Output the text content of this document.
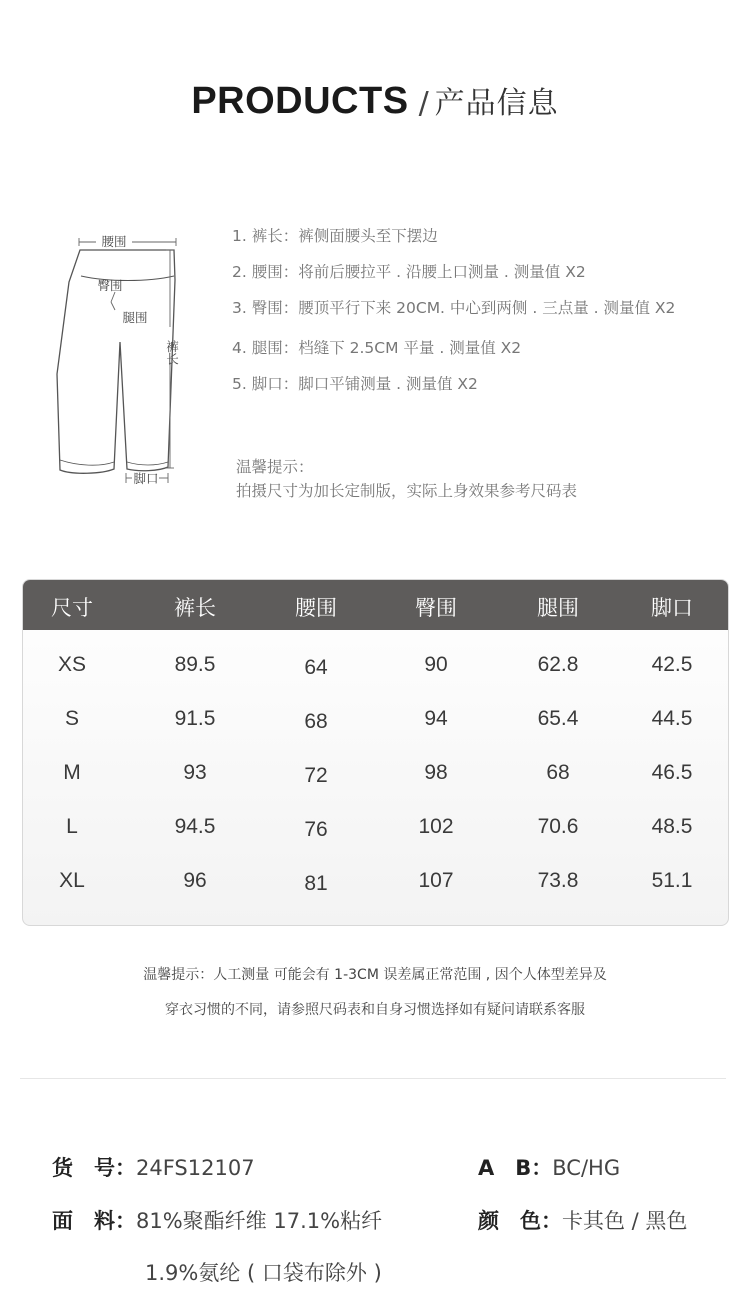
PRODUCTS / 产品信息
腰围
臀围
腿围
裤长
脚口
1. 裤长：裤侧面腰头至下摆边
2. 腰围：将前后腰拉平 . 沿腰上口测量 . 测量值 X2
3. 臀围：腰顶平行下来 20CM. 中心到两侧 . 三点量 . 测量值 X2
4. 腿围：档缝下 2.5CM 平量 . 测量值 X2
5. 脚口：脚口平铺测量 . 测量值 X2
温馨提示：
拍摄尺寸为加长定制版，实际上身效果参考尺码表
尺寸	裤长	腰围	臀围	腿围	脚口
XS	89.5	64	90	62.8	42.5
S	91.5	68	94	65.4	44.5
M	93	72	98	68	46.5
L	94.5	76	102	70.6	48.5
XL	96	81	107	73.8	51.1
温馨提示：人工测量 可能会有 1-3CM 误差属正常范围 , 因个人体型差异及
穿衣习惯的不同，请参照尺码表和自身习惯选择如有疑问请联系客服
货　号：24FS12107	A　B：BC/HG
面　料：81%聚酯纤维 17.1%粘纤
1.9%氨纶 ( 口袋布除外 )
颜　色：卡其色 / 黑色
